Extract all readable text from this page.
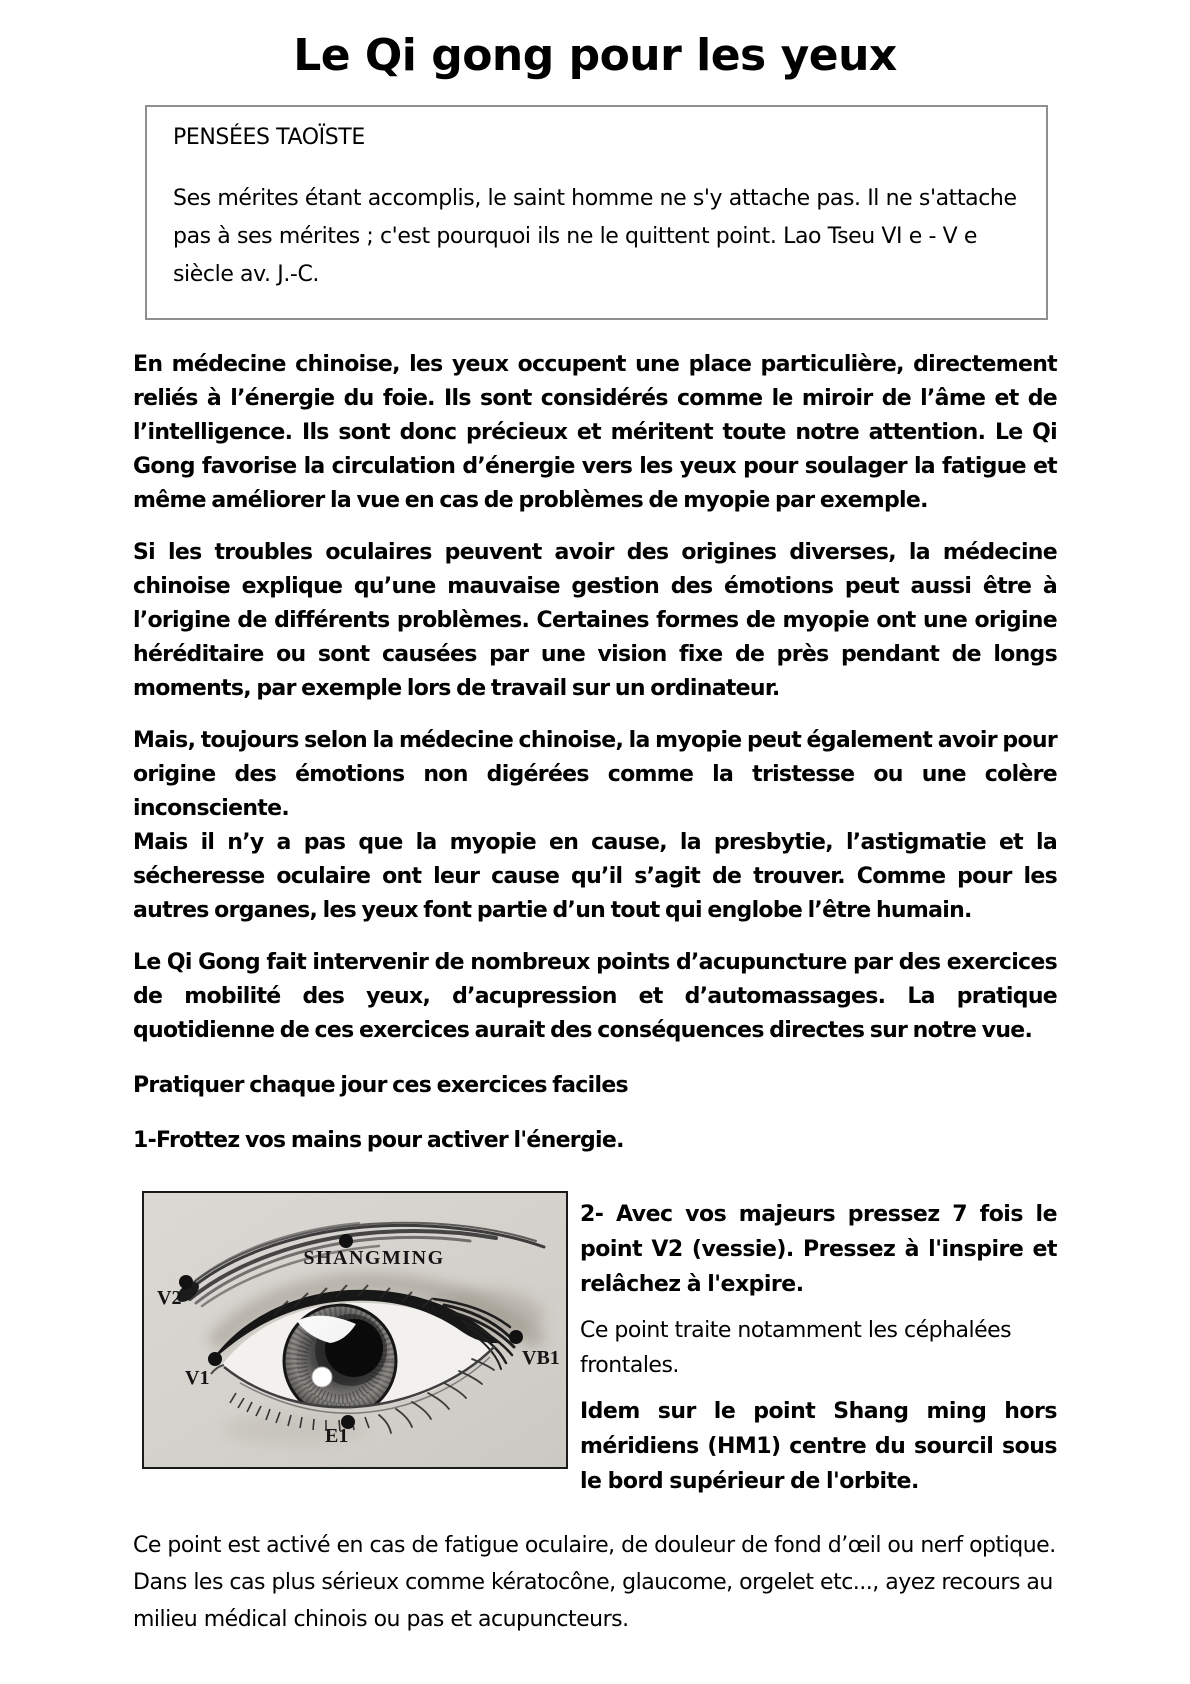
Le Qi gong pour les yeux
PENSÉES TAOÏSTE
Ses mérites étant accomplis, le saint homme ne s'y attache pas. Il ne s'attache pas à ses mérites ; c'est pourquoi ils ne le quittent point. Lao Tseu VI e - V e siècle av. J.-C.

En médecine chinoise, les yeux occupent une place particulière, directement reliés à l’énergie du foie. Ils sont considérés comme le miroir de l’âme et de l’intelligence. Ils sont donc précieux et méritent toute notre attention. Le Qi Gong favorise la circulation d’énergie vers les yeux pour soulager la fatigue et même améliorer la vue en cas de problèmes de myopie par exemple.

Si les troubles oculaires peuvent avoir des origines diverses, la médecine chinoise explique qu’une mauvaise gestion des émotions peut aussi être à l’origine de différents problèmes. Certaines formes de myopie ont une origine héréditaire ou sont causées par une vision fixe de près pendant de longs moments, par exemple lors de travail sur un ordinateur.

Mais, toujours selon la médecine chinoise, la myopie peut également avoir pour origine des émotions non digérées comme la tristesse ou une colère inconsciente.
Mais il n’y a pas que la myopie en cause, la presbytie, l’astigmatie et la sécheresse oculaire ont leur cause qu’il s’agit de trouver. Comme pour les autres organes, les yeux font partie d’un tout qui englobe l’être humain.

Le Qi Gong fait intervenir de nombreux points d’acupuncture par des exercices de mobilité des yeux, d’acupression et d’automassages. La pratique quotidienne de ces exercices aurait des conséquences directes sur notre vue.

Pratiquer chaque jour ces exercices faciles

1-Frottez vos mains pour activer l'énergie.

SHANGMING
V2
V1
VB1
E1

2- Avec vos majeurs pressez 7 fois le point V2 (vessie). Pressez à l'inspire et relâchez à l'expire.

Ce point traite notamment les céphalées frontales.

Idem sur le point Shang ming hors méridiens (HM1) centre du sourcil sous le bord supérieur de l'orbite.

Ce point est activé en cas de fatigue oculaire, de douleur de fond d’œil ou nerf optique. Dans les cas plus sérieux comme kératocône, glaucome, orgelet etc..., ayez recours au milieu médical chinois ou pas et acupuncteurs.
